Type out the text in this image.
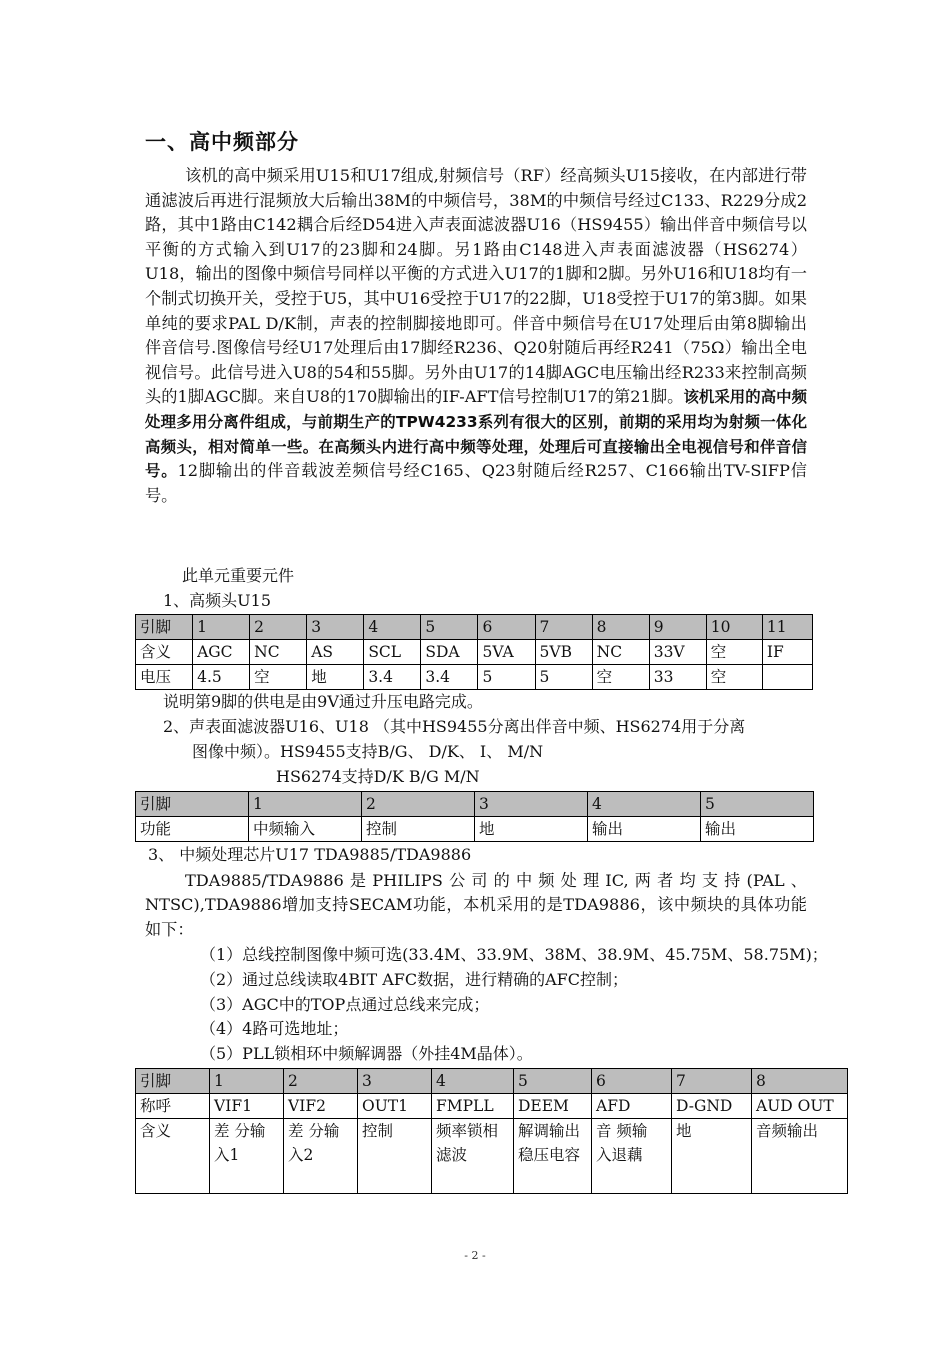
一、高中频部分

该机的高中频采用U15和U17组成,射频信号（RF）经高频头U15接收，在内部进行带通滤波后再进行混频放大后输出38M的中频信号，38M的中频信号经过C133、R229分成2路，其中1路由C142耦合后经D54进入声表面滤波器U16（HS9455）输出伴音中频信号以平衡的方式输入到U17的23脚和24脚。另1路由C148进入声表面滤波器（HS6274）U18，输出的图像中频信号同样以平衡的方式进入U17的1脚和2脚。另外U16和U18均有一个制式切换开关，受控于U5，其中U16受控于U17的22脚，U18受控于U17的第3脚。如果单纯的要求PAL D/K制，声表的控制脚接地即可。伴音中频信号在U17处理后由第8脚输出伴音信号.图像信号经U17处理后由17脚经R236、Q20射随后再经R241（75Ω）输出全电视信号。此信号进入U8的54和55脚。另外由U17的14脚AGC电压输出经R233来控制高频头的1脚AGC脚。来自U8的170脚输出的IF-AFT信号控制U17的第21脚。该机采用的高中频处理多用分离件组成，与前期生产的TPW4233系列有很大的区别，前期的采用均为射频一体化高频头，相对简单一些。在高频头内进行高中频等处理，处理后可直接输出全电视信号和伴音信号。12脚输出的伴音载波差频信号经C165、Q23射随后经R257、C166输出TV-SIFP信号。

此单元重要元件
1、高频头U15
引脚	1	2	3	4	5	6	7	8	9	10	11
含义	AGC	NC	AS	SCL	SDA	5VA	5VB	NC	33V	空	IF
电压	4.5	空	地	3.4	3.4	5	5	空	33	空	
说明第9脚的供电是由9V通过升压电路完成。
2、声表面滤波器U16、U18 （其中HS9455分离出伴音中频、HS6274用于分离
图像中频）。HS9455支持B/G、 D/K、 I、 M/N
HS6274支持D/K B/G M/N
引脚	1	2	3	4	5
功能	中频输入	控制	地	输出	输出
3、 中频处理芯片U17 TDA9885/TDA9886

TDA9885/TDA9886是PHILIPS公司的中频处理IC,两者均支持(PAL、NTSC),TDA9886增加支持SECAM功能，本机采用的是TDA9886，该中频块的具体功能如下：

（1）总线控制图像中频可选(33.4M、33.9M、38M、38.9M、45.75M、58.75M)；
（2）通过总线读取4BIT AFC数据，进行精确的AFC控制；
（3）AGC中的TOP点通过总线来完成；
（4）4路可选地址；
（5）PLL锁相环中频解调器（外挂4M晶体）。
引脚	1	2	3	4	5	6	7	8
称呼	VIF1	VIF2	OUT1	FMPLL	DEEM	AFD	D-GND	AUD OUT
含义	差 分输入1	差 分输入2	控制	频率锁相滤波	解调输出稳压电容	音 频输 入退藕	地	音频输出
- 2 -
